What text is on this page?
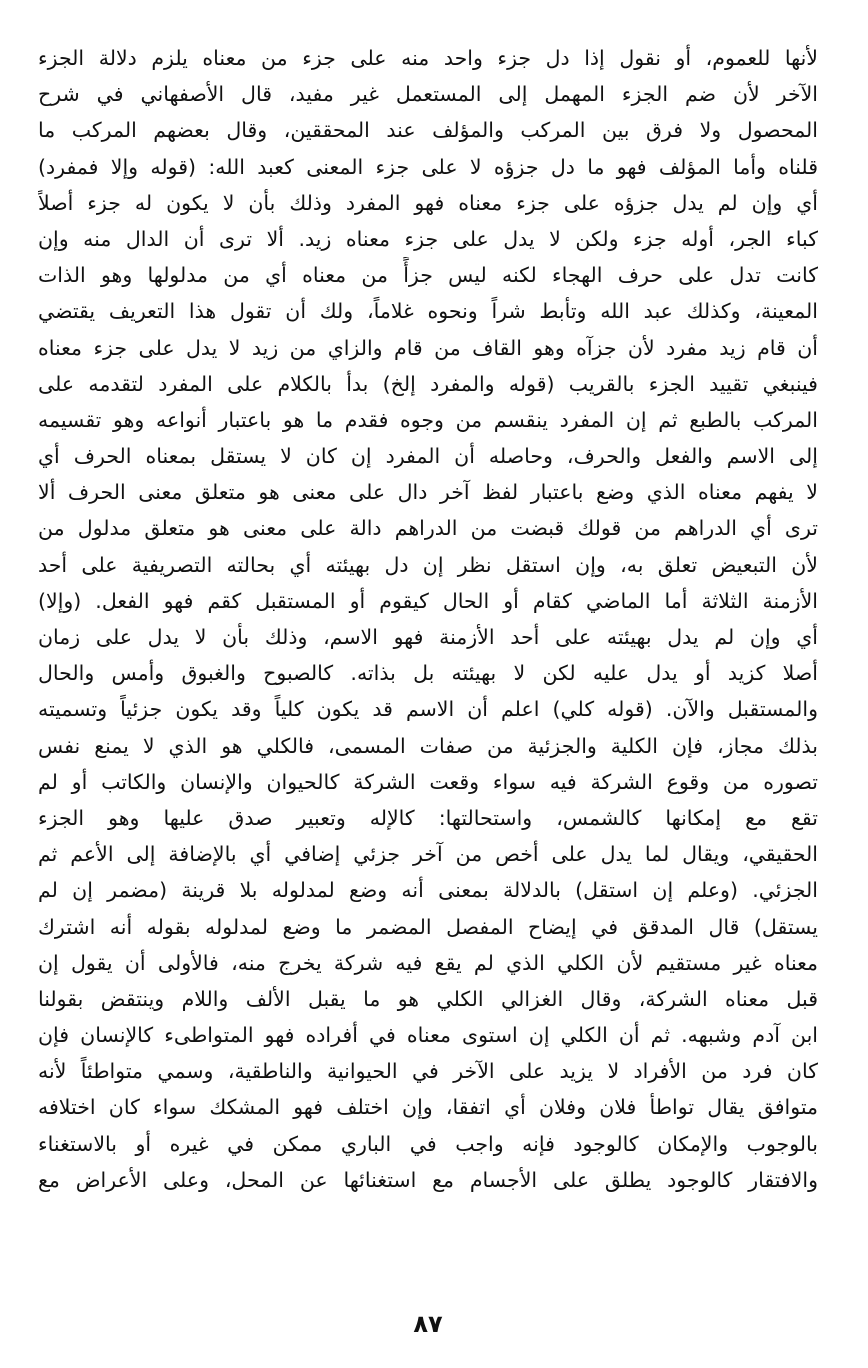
لأنها للعموم، أو نقول إذا دل جزء واحد منه على جزء من معناه يلزم دلالة الجزء
الآخر لأن ضم الجزء المهمل إلى المستعمل غير مفيد، قال الأصفهاني في شرح
المحصول ولا فرق بين المركب والمؤلف عند المحققين، وقال بعضهم المركب ما
قلناه وأما المؤلف فهو ما دل جزؤه لا على جزء المعنى كعبد الله: (قوله وإلا فمفرد)
أي وإن لم يدل جزؤه على جزء معناه فهو المفرد وذلك بأن لا يكون له جزء أصلاً
كباء الجر، أوله جزء ولكن لا يدل على جزء معناه زيد. ألا ترى أن الدال منه وإن
كانت تدل على حرف الهجاء لكنه ليس جزأً من معناه أي من مدلولها وهو الذات
المعينة، وكذلك عبد الله وتأبط شراً ونحوه غلاماً، ولك أن تقول هذا التعريف يقتضي
أن قام زيد مفرد لأن جزآه وهو القاف من قام والزاي من زيد لا يدل على جزء معناه
فينبغي تقييد الجزء بالقريب (قوله والمفرد إلخ) بدأ بالكلام على المفرد لتقدمه على
المركب بالطبع ثم إن المفرد ينقسم من وجوه فقدم ما هو باعتبار أنواعه وهو تقسيمه
إلى الاسم والفعل والحرف، وحاصله أن المفرد إن كان لا يستقل بمعناه الحرف أي
لا يفهم معناه الذي وضع باعتبار لفظ آخر دال على معنى هو متعلق معنى الحرف ألا
ترى أي الدراهم من قولك قبضت من الدراهم دالة على معنى هو متعلق مدلول من
لأن التبعيض تعلق به، وإن استقل نظر إن دل بهيئته أي بحالته التصريفية على أحد
الأزمنة الثلاثة أما الماضي كقام أو الحال كيقوم أو المستقبل كقم فهو الفعل. (وإلا)
أي وإن لم يدل بهيئته على أحد الأزمنة فهو الاسم، وذلك بأن لا يدل على زمان
أصلا كزيد أو يدل عليه لكن لا بهيئته بل بذاته. كالصبوح والغبوق وأمس والحال
والمستقبل والآن. (قوله كلي) اعلم أن الاسم قد يكون كلياً وقد يكون جزئياً وتسميته
بذلك مجاز، فإن الكلية والجزئية من صفات المسمى، فالكلي هو الذي لا يمنع نفس
تصوره من وقوع الشركة فيه سواء وقعت الشركة كالحيوان والإنسان والكاتب أو لم
تقع مع إمكانها كالشمس، واستحالتها: كالإله وتعبير صدق عليها وهو الجزء
الحقيقي، ويقال لما يدل على أخص من آخر جزئي إضافي أي بالإضافة إلى الأعم ثم
الجزئي. (وعلم إن استقل) بالدلالة بمعنى أنه وضع لمدلوله بلا قرينة (مضمر إن لم
يستقل) قال المدقق في إيضاح المفصل المضمر ما وضع لمدلوله بقوله أنه اشترك
معناه غير مستقيم لأن الكلي الذي لم يقع فيه شركة يخرج منه، فالأولى أن يقول إن
قبل معناه الشركة، وقال الغزالي الكلي هو ما يقبل الألف واللام وينتقض بقولنا
ابن آدم وشبهه. ثم أن الكلي إن استوى معناه في أفراده فهو المتواطىء كالإنسان فإن
كان فرد من الأفراد لا يزيد على الآخر في الحيوانية والناطقية، وسمي متواطئاً لأنه
متوافق يقال تواطأ فلان وفلان أي اتفقا، وإن اختلف فهو المشكك سواء كان اختلافه
بالوجوب والإمكان كالوجود فإنه واجب في الباري ممكن في غيره أو بالاستغناء
والافتقار كالوجود يطلق على الأجسام مع استغنائها عن المحل، وعلى الأعراض مع
٨٧
